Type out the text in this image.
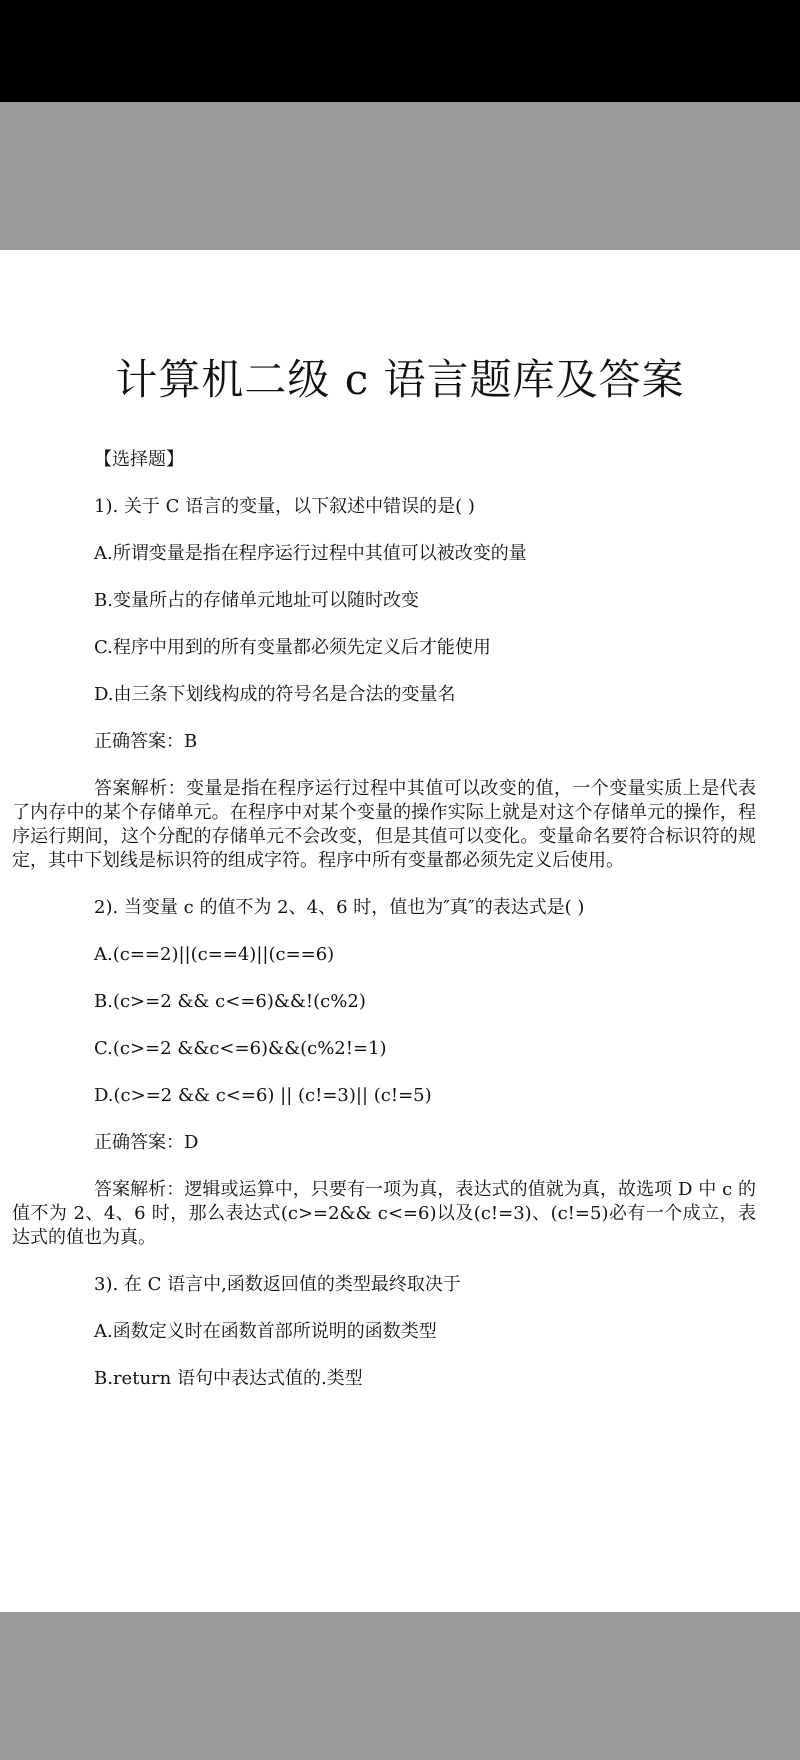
计算机二级 c 语言题库及答案

【选择题】

1). 关于 C 语言的变量，以下叙述中错误的是( )

A.所谓变量是指在程序运行过程中其值可以被改变的量

B.变量所占的存储单元地址可以随时改变

C.程序中用到的所有变量都必须先定义后才能使用

D.由三条下划线构成的符号名是合法的变量名

正确答案：B

答案解析：变量是指在程序运行过程中其值可以改变的值，一个变量实质上是代表了内存中的某个存储单元。在程序中对某个变量的操作实际上就是对这个存储单元的操作，程序运行期间，这个分配的存储单元不会改变，但是其值可以变化。变量命名要符合标识符的规定，其中下划线是标识符的组成字符。程序中所有变量都必须先定义后使用。

2). 当变量 c 的值不为 2、4、6 时，值也为″真″的表达式是( )

A.(c==2)||(c==4)||(c==6)

B.(c>=2 && c<=6)&&!(c%2)

C.(c>=2 &&c<=6)&&(c%2!=1)

D.(c>=2 && c<=6) || (c!=3)|| (c!=5)

正确答案：D

答案解析：逻辑或运算中，只要有一项为真，表达式的值就为真，故选项 D 中 c 的值不为 2、4、6 时，那么表达式(c>=2&& c<=6)以及(c!=3)、(c!=5)必有一个成立，表达式的值也为真。

3). 在 C 语言中,函数返回值的类型最终取决于

A.函数定义时在函数首部所说明的函数类型

B.return 语句中表达式值的.类型
